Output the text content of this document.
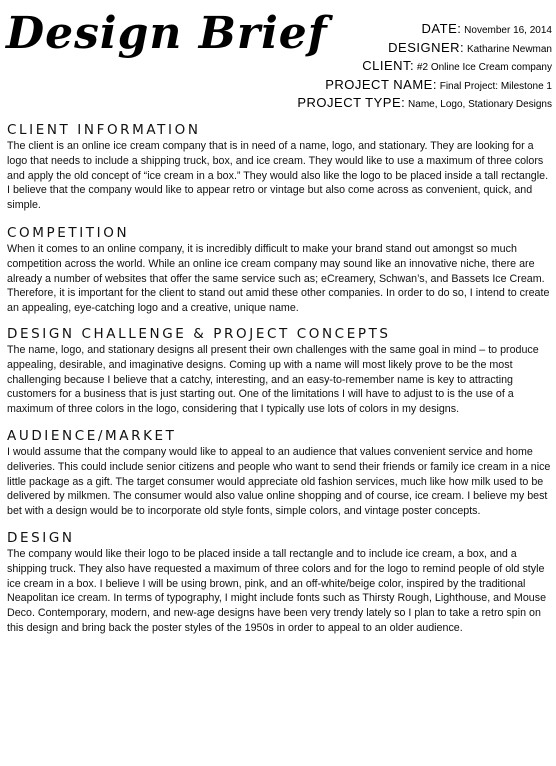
Design Brief	DATE: November 16, 2014
DESIGNER: Katharine Newman
CLIENT: #2 Online Ice Cream company
PROJECT NAME: Final Project: Milestone 1
PROJECT TYPE: Name, Logo, Stationary Designs
CLIENT INFORMATION

The client is an online ice cream company that is in need of a name, logo, and stationary. They are looking for a logo that needs to include a shipping truck, box, and ice cream. They would like to use a maximum of three colors and apply the old concept of “ice cream in a box.” They would also like the logo to be placed inside a tall rectangle. I believe that the company would like to appear retro or vintage but also come across as convenient, quick, and simple.

COMPETITION

When it comes to an online company, it is incredibly difficult to make your brand stand out amongst so much competition across the world. While an online ice cream company may sound like an innovative niche, there are already a number of websites that offer the same service such as; eCreamery, Schwan’s, and Bassets Ice Cream. Therefore, it is important for the client to stand out amid these other companies. In order to do so, I intend to create an appealing, eye-catching logo and a creative, unique name.

DESIGN CHALLENGE & PROJECT CONCEPTS

The name, logo, and stationary designs all present their own challenges with the same goal in mind – to produce appealing, desirable, and imaginative designs. Coming up with a name will most likely prove to be the most challenging because I believe that a catchy, interesting, and an easy-to-remember name is key to attracting customers for a business that is just starting out. One of the limitations I will have to adjust to is the use of a maximum of three colors in the logo, considering that I typically use lots of colors in my designs.

AUDIENCE/MARKET

I would assume that the company would like to appeal to an audience that values convenient service and home deliveries. This could include senior citizens and people who want to send their friends or family ice cream in a nice little package as a gift. The target consumer would appreciate old fashion services, much like how milk used to be delivered by milkmen. The consumer would also value online shopping and of course, ice cream. I believe my best bet with a design would be to incorporate old style fonts, simple colors, and vintage poster concepts.

DESIGN

The company would like their logo to be placed inside a tall rectangle and to include ice cream, a box, and a shipping truck. They also have requested a maximum of three colors and for the logo to remind people of old style ice cream in a box. I believe I will be using brown, pink, and an off-white/beige color, inspired by the traditional Neapolitan ice cream. In terms of typography, I might include fonts such as Thirsty Rough, Lighthouse, and Mouse Deco. Contemporary, modern, and new-age designs have been very trendy lately so I plan to take a retro spin on this design and bring back the poster styles of the 1950s in order to appeal to an older audience.
